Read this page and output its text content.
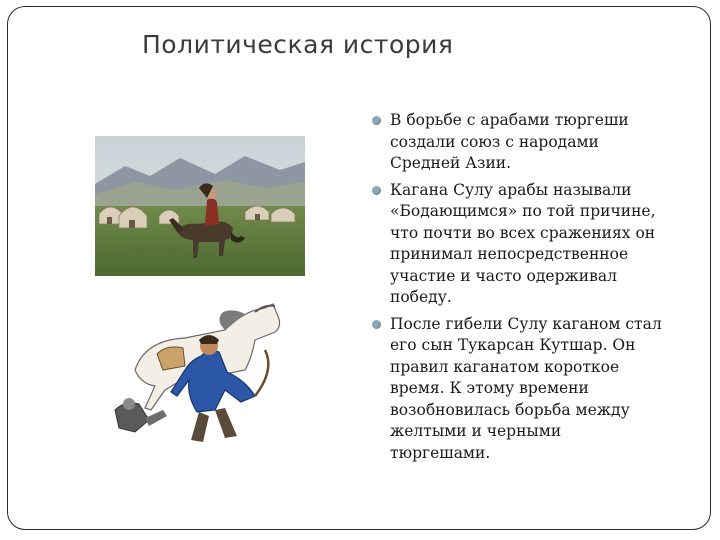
Политическая история
В борьбе с арабами тюргеши создали союз с народами Средней Азии.
Кагана Сулу арабы называли «Бодающимся» по той причине, что почти во всех сражениях он принимал непосредственное участие и часто одерживал победу.
После гибели Сулу каганом стал его сын Тукарсан Кутшар. Он правил каганатом короткое время. К этому времени возобновилась борьба между желтыми и черными тюргешами.
